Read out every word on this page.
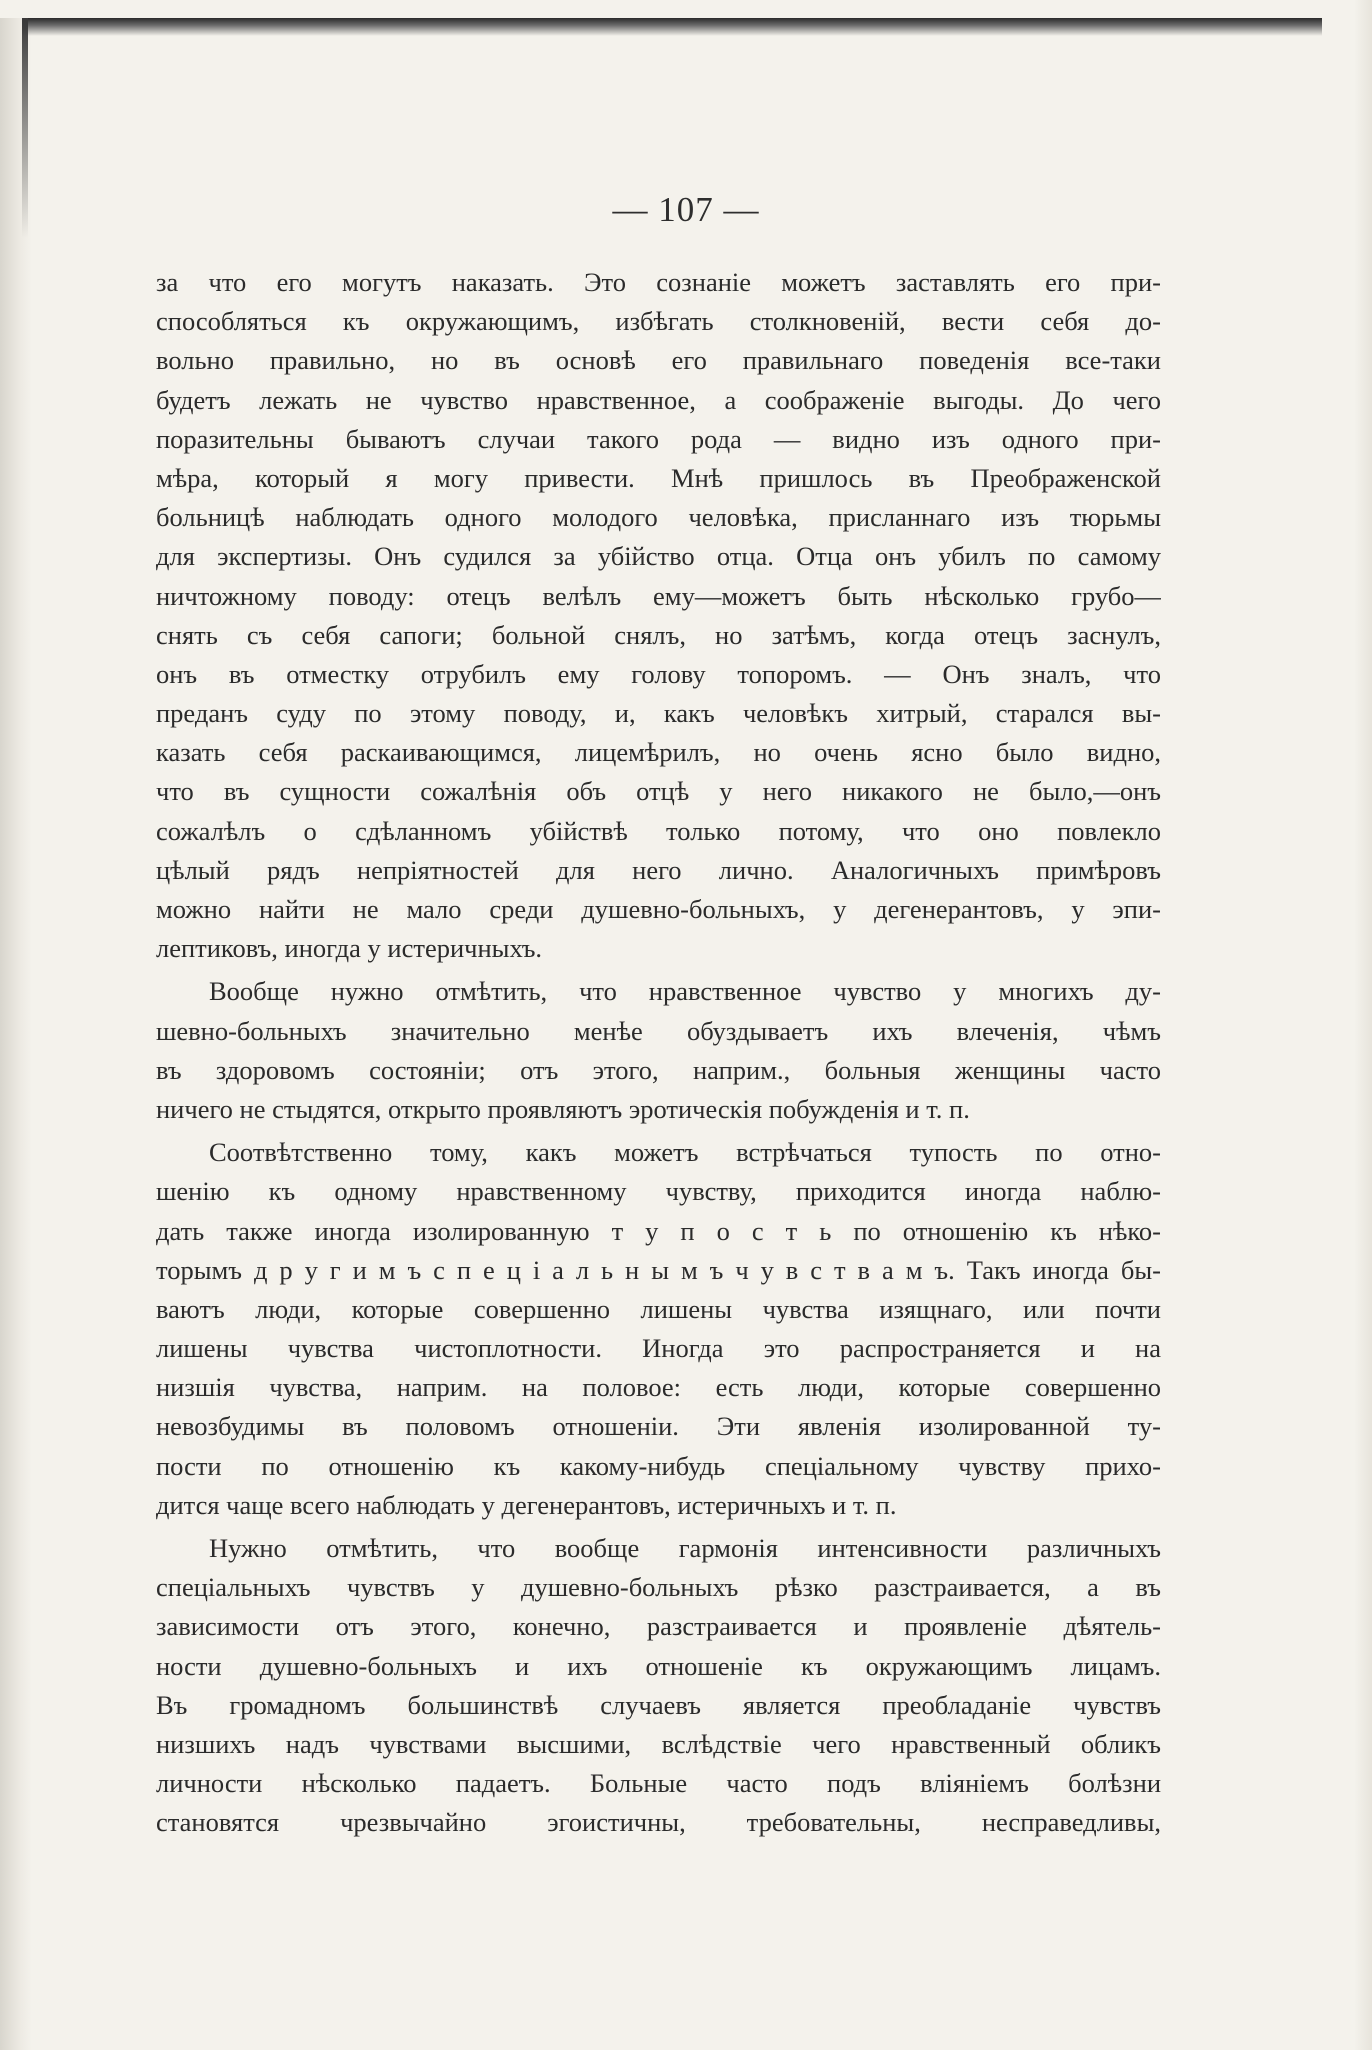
— 107 —
за что его могутъ наказать. Это сознаніе можетъ заставлять его при-
способляться къ окружающимъ, избѣгать столкновеній, вести себя до-
вольно правильно, но въ основѣ его правильнаго поведенія все-таки
будетъ лежать не чувство нравственное, а соображеніе выгоды. До чего
поразительны бываютъ случаи такого рода — видно изъ одного при-
мѣра, который я могу привести. Мнѣ пришлось въ Преображенской
больницѣ наблюдать одного молодого человѣка, присланнаго изъ тюрьмы
для экспертизы. Онъ судился за убійство отца. Отца онъ убилъ по самому
ничтожному поводу: отецъ велѣлъ ему—можетъ быть нѣсколько грубо—
снять съ себя сапоги; больной снялъ, но затѣмъ, когда отецъ заснулъ,
онъ въ отместку отрубилъ ему голову топоромъ. — Онъ зналъ, что
преданъ суду по этому поводу, и, какъ человѣкъ хитрый, старался вы-
казать себя раскаивающимся, лицемѣрилъ, но очень ясно было видно,
что въ сущности сожалѣнія объ отцѣ у него никакого не было,—онъ
сожалѣлъ о сдѣланномъ убійствѣ только потому, что оно повлекло
цѣлый рядъ непріятностей для него лично. Аналогичныхъ примѣровъ
можно найти не мало среди душевно-больныхъ, у дегенерантовъ, у эпи-
лептиковъ, иногда у истеричныхъ.
Вообще нужно отмѣтить, что нравственное чувство у многихъ ду-
шевно-больныхъ значительно менѣе обуздываетъ ихъ влеченія, чѣмъ
въ здоровомъ состояніи; отъ этого, наприм., больныя женщины часто
ничего не стыдятся, открыто проявляютъ эротическія побужденія и т. п.
Соотвѣтственно тому, какъ можетъ встрѣчаться тупость по отно-
шенію къ одному нравственному чувству, приходится иногда наблю-
дать также иногда изолированную т у п о с т ь по отношенію къ нѣко-
торымъ д р у г и м ъ с п е ц і а л ь н ы м ъ ч у в с т в а м ъ. Такъ иногда бы-
ваютъ люди, которые совершенно лишены чувства изящнаго, или почти
лишены чувства чистоплотности. Иногда это распространяется и на
низшія чувства, наприм. на половое: есть люди, которые совершенно
невозбудимы въ половомъ отношеніи. Эти явленія изолированной ту-
пости по отношенію къ какому-нибудь спеціальному чувству прихо-
дится чаще всего наблюдать у дегенерантовъ, истеричныхъ и т. п.
Нужно отмѣтить, что вообще гармонія интенсивности различныхъ
спеціальныхъ чувствъ у душевно-больныхъ рѣзко разстраивается, а въ
зависимости отъ этого, конечно, разстраивается и проявленіе дѣятель-
ности душевно-больныхъ и ихъ отношеніе къ окружающимъ лицамъ.
Въ громадномъ большинствѣ случаевъ является преобладаніе чувствъ
низшихъ надъ чувствами высшими, вслѣдствіе чего нравственный обликъ
личности нѣсколько падаетъ. Больные часто подъ вліяніемъ болѣзни
становятся чрезвычайно эгоистичны, требовательны, несправедливы,
